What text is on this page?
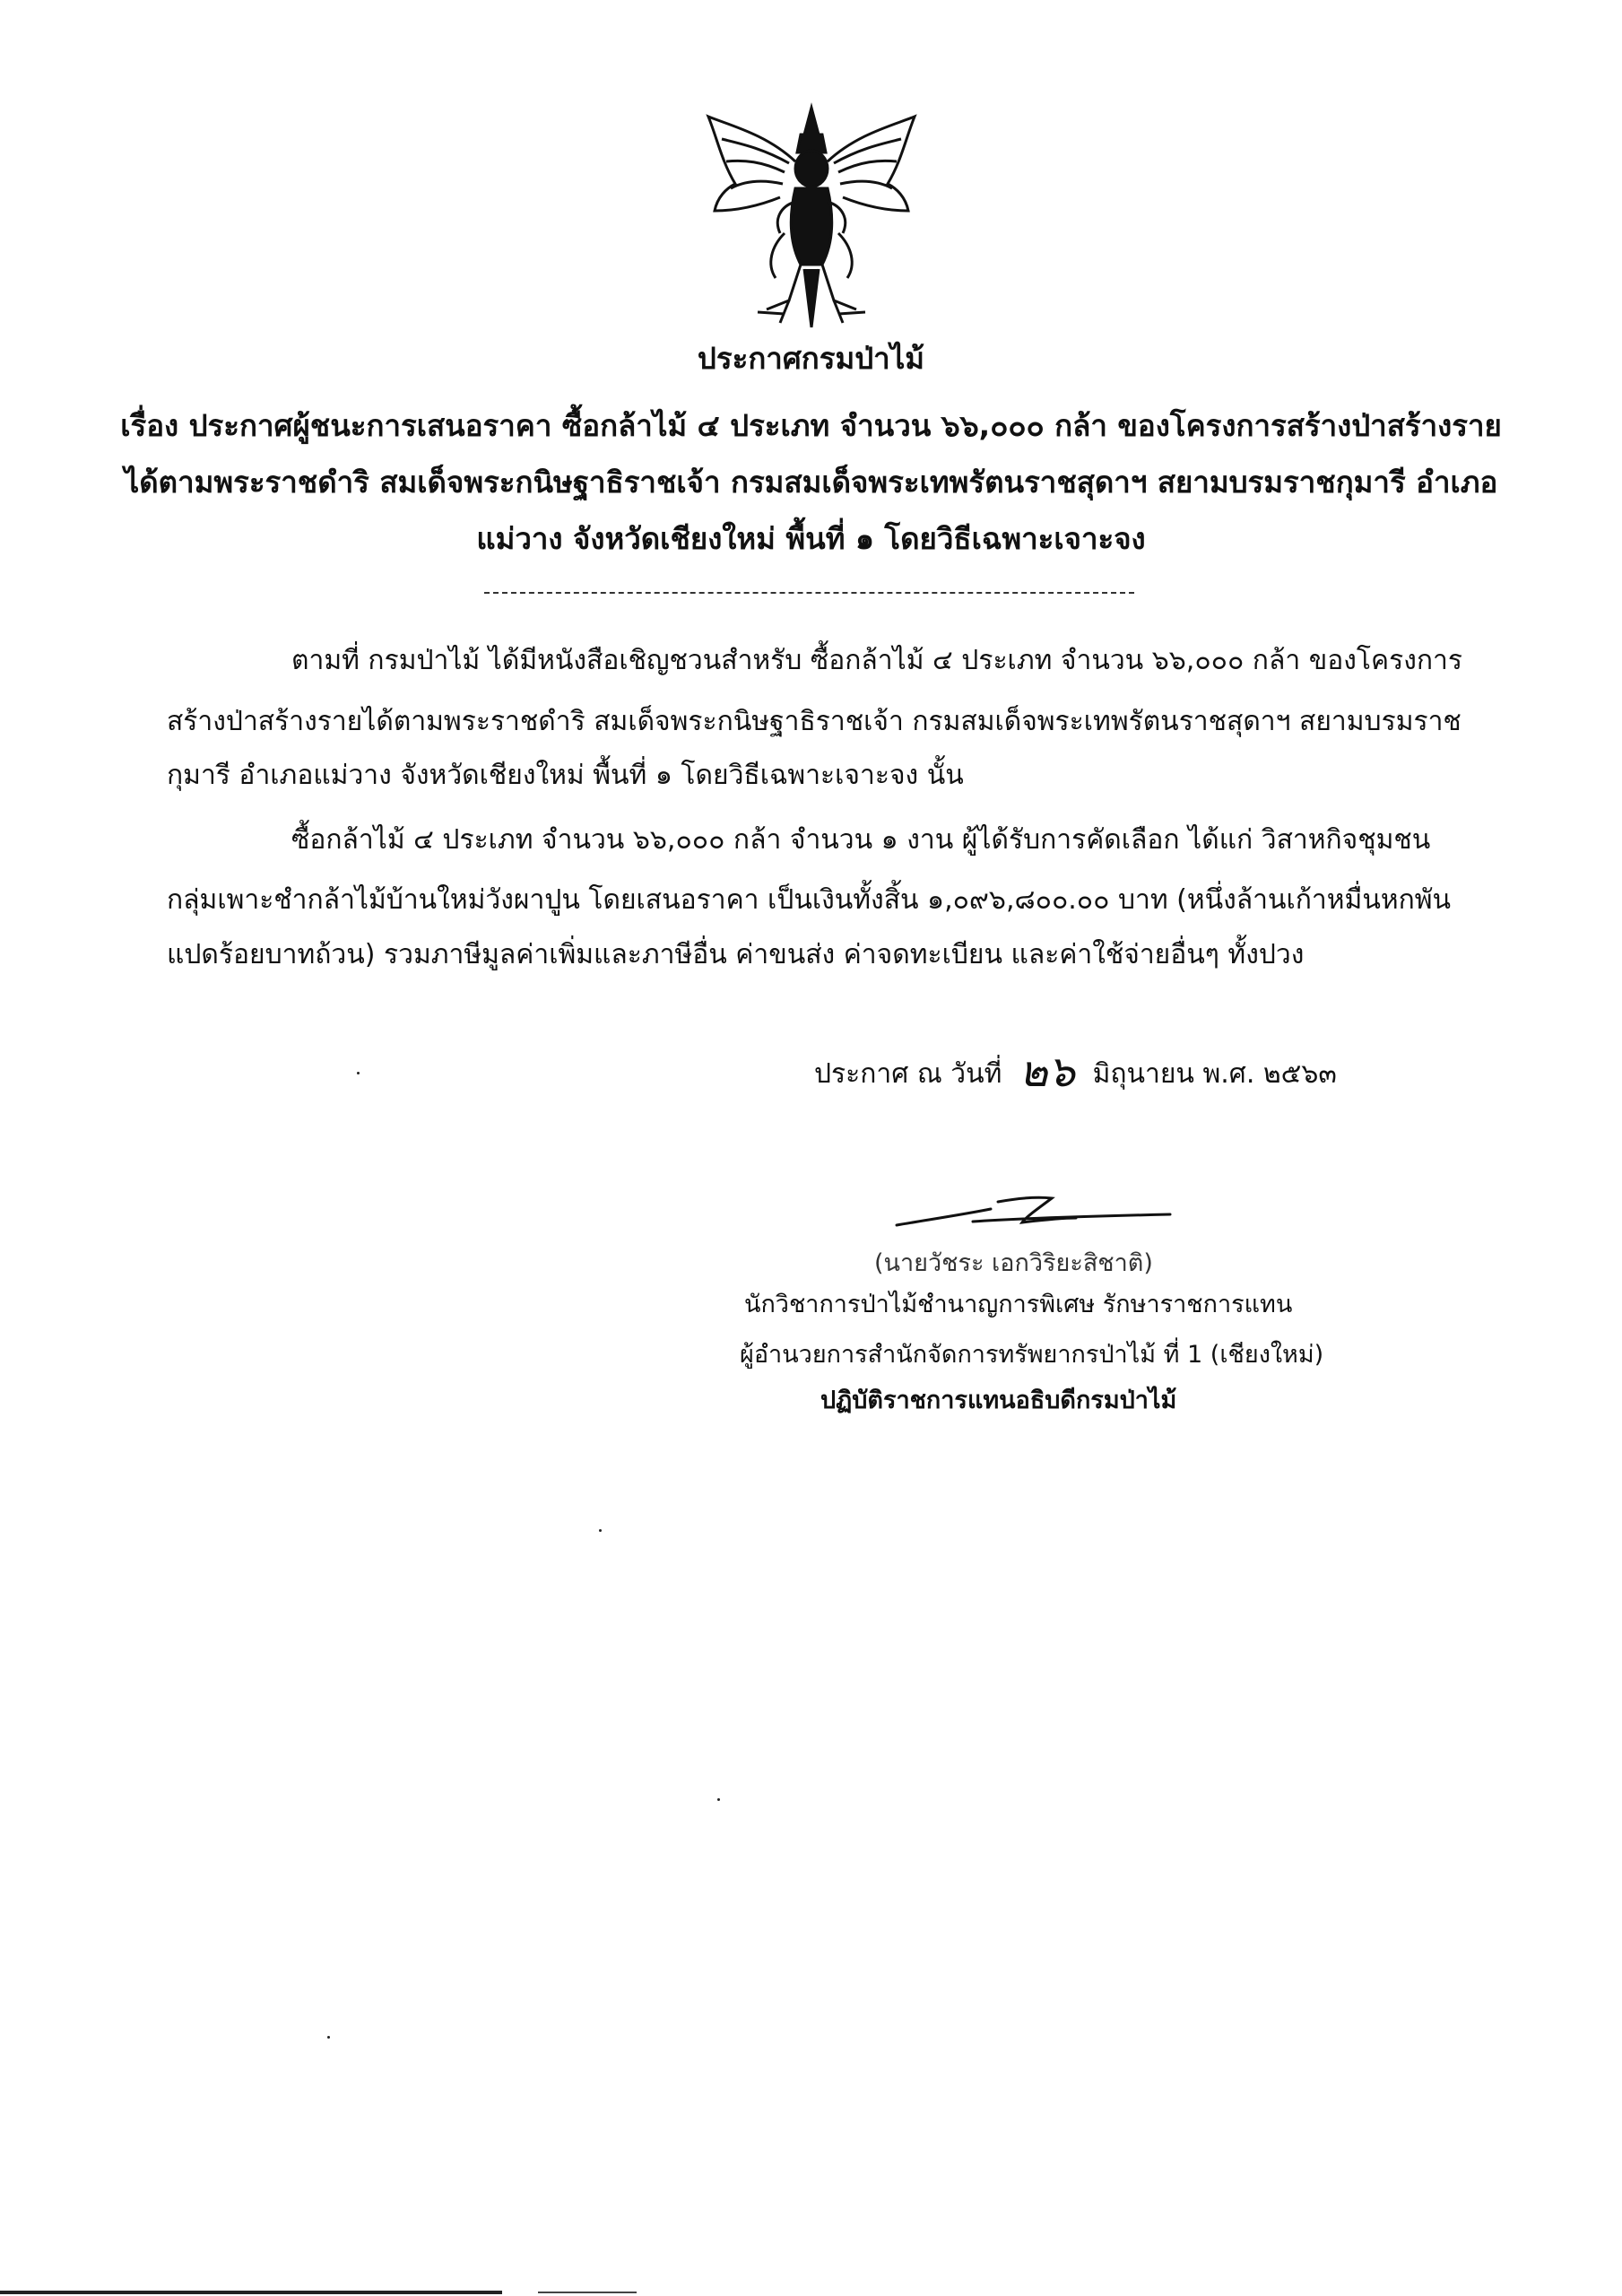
ประกาศกรมป่าไม้
เรื่อง ประกาศผู้ชนะการเสนอราคา ซื้อกล้าไม้ ๔ ประเภท จำนวน ๖๖,๐๐๐ กล้า ของโครงการสร้างป่าสร้างราย
ได้ตามพระราชดำริ สมเด็จพระกนิษฐาธิราชเจ้า กรมสมเด็จพระเทพรัตนราชสุดาฯ สยามบรมราชกุมารี อำเภอ
แม่วาง จังหวัดเชียงใหม่ พื้นที่ ๑ โดยวิธีเฉพาะเจาะจง
ตามที่ กรมป่าไม้ ได้มีหนังสือเชิญชวนสำหรับ ซื้อกล้าไม้ ๔ ประเภท จำนวน ๖๖,๐๐๐ กล้า ของโครงการ
สร้างป่าสร้างรายได้ตามพระราชดำริ สมเด็จพระกนิษฐาธิราชเจ้า กรมสมเด็จพระเทพรัตนราชสุดาฯ สยามบรมราช
กุมารี อำเภอแม่วาง จังหวัดเชียงใหม่ พื้นที่ ๑ โดยวิธีเฉพาะเจาะจง นั้น
ซื้อกล้าไม้ ๔ ประเภท จำนวน ๖๖,๐๐๐ กล้า จำนวน ๑ งาน ผู้ได้รับการคัดเลือก ได้แก่ วิสาหกิจชุมชน
กลุ่มเพาะชำกล้าไม้บ้านใหม่วังผาปูน โดยเสนอราคา เป็นเงินทั้งสิ้น ๑,๐๙๖,๘๐๐.๐๐ บาท (หนึ่งล้านเก้าหมื่นหกพัน
แปดร้อยบาทถ้วน) รวมภาษีมูลค่าเพิ่มและภาษีอื่น ค่าขนส่ง ค่าจดทะเบียน และค่าใช้จ่ายอื่นๆ ทั้งปวง
ประกาศ ณ วันที่ ๒๖ มิถุนายน พ.ศ. ๒๕๖๓
(นายวัชระ เอกวิริยะสิชาติ)
นักวิชาการป่าไม้ชำนาญการพิเศษ รักษาราชการแทน
ผู้อำนวยการสำนักจัดการทรัพยากรป่าไม้ ที่ 1 (เชียงใหม่)
ปฏิบัติราชการแทนอธิบดีกรมป่าไม้
